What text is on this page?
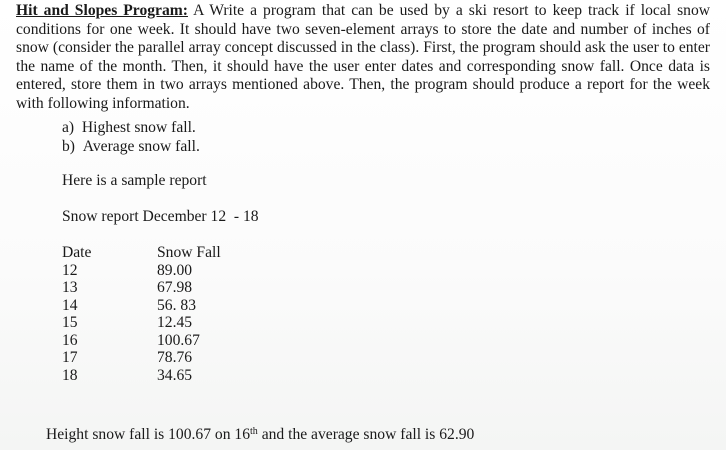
Hit and Slopes Program: A Write a program that can be used by a ski resort to keep track if local snow conditions for one week. It should have two seven-element arrays to store the date and number of inches of snow (consider the parallel array concept discussed in the class). First, the program should ask the user to enter the name of the month. Then, it should have the user enter dates and corresponding snow fall. Once data is entered, store them in two arrays mentioned above. Then, the program should produce a report for the week with following information.

a)  Highest snow fall.
b)  Average snow fall.
Here is a sample report
Snow report December 12  - 18
Date	Snow Fall
12	89.00
13	67.98
14	56. 83
15	12.45
16	100.67
17	78.76
18	34.65
Height snow fall is 100.67 on 16th and the average snow fall is 62.90
